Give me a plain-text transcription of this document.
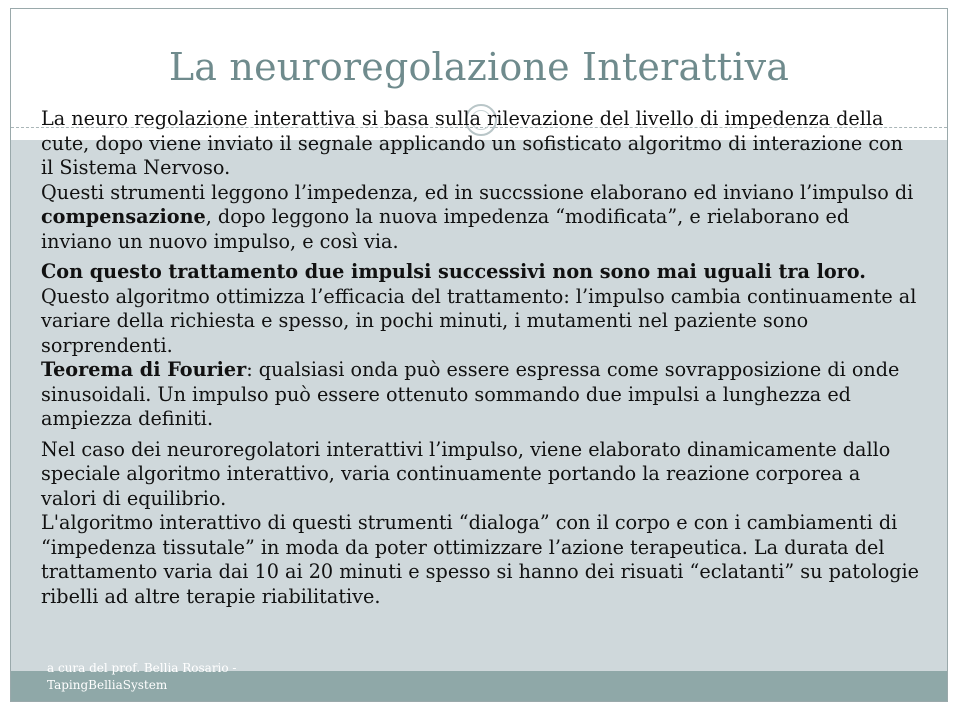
La neuroregolazione Interattiva

La neuro regolazione interattiva si basa sulla rilevazione del livello di impedenza della cute, dopo viene inviato il segnale applicando un sofisticato algoritmo di interazione con il Sistema Nervoso.

Questi strumenti leggono l’impedenza, ed in succssione elaborano ed inviano l’impulso di compensazione, dopo leggono la nuova impedenza “modificata”, e rielaborano ed inviano un nuovo impulso, e così via.

Con questo trattamento due impulsi successivi non sono mai uguali tra loro.

Questo algoritmo ottimizza l’efficacia del trattamento: l’impulso cambia continuamente al variare della richiesta e spesso, in pochi minuti, i mutamenti nel paziente sono sorprendenti.

Teorema di Fourier: qualsiasi onda può essere espressa come sovrapposizione di onde sinusoidali. Un impulso può essere ottenuto sommando due impulsi a lunghezza ed ampiezza definiti.

Nel caso dei neuroregolatori interattivi l’impulso, viene elaborato dinamicamente dallo speciale algoritmo interattivo, varia continuamente portando la reazione corporea a valori di equilibrio.

L'algoritmo interattivo di questi strumenti “dialoga” con il corpo e con i cambiamenti di “impedenza tissutale” in moda da poter ottimizzare l’azione terapeutica. La durata del trattamento varia dai 10 ai 20 minuti e spesso si hanno dei risuati “eclatanti” su patologie ribelli ad altre terapie riabilitative.

a cura del prof. Bellia Rosario - TapingBelliaSystem
